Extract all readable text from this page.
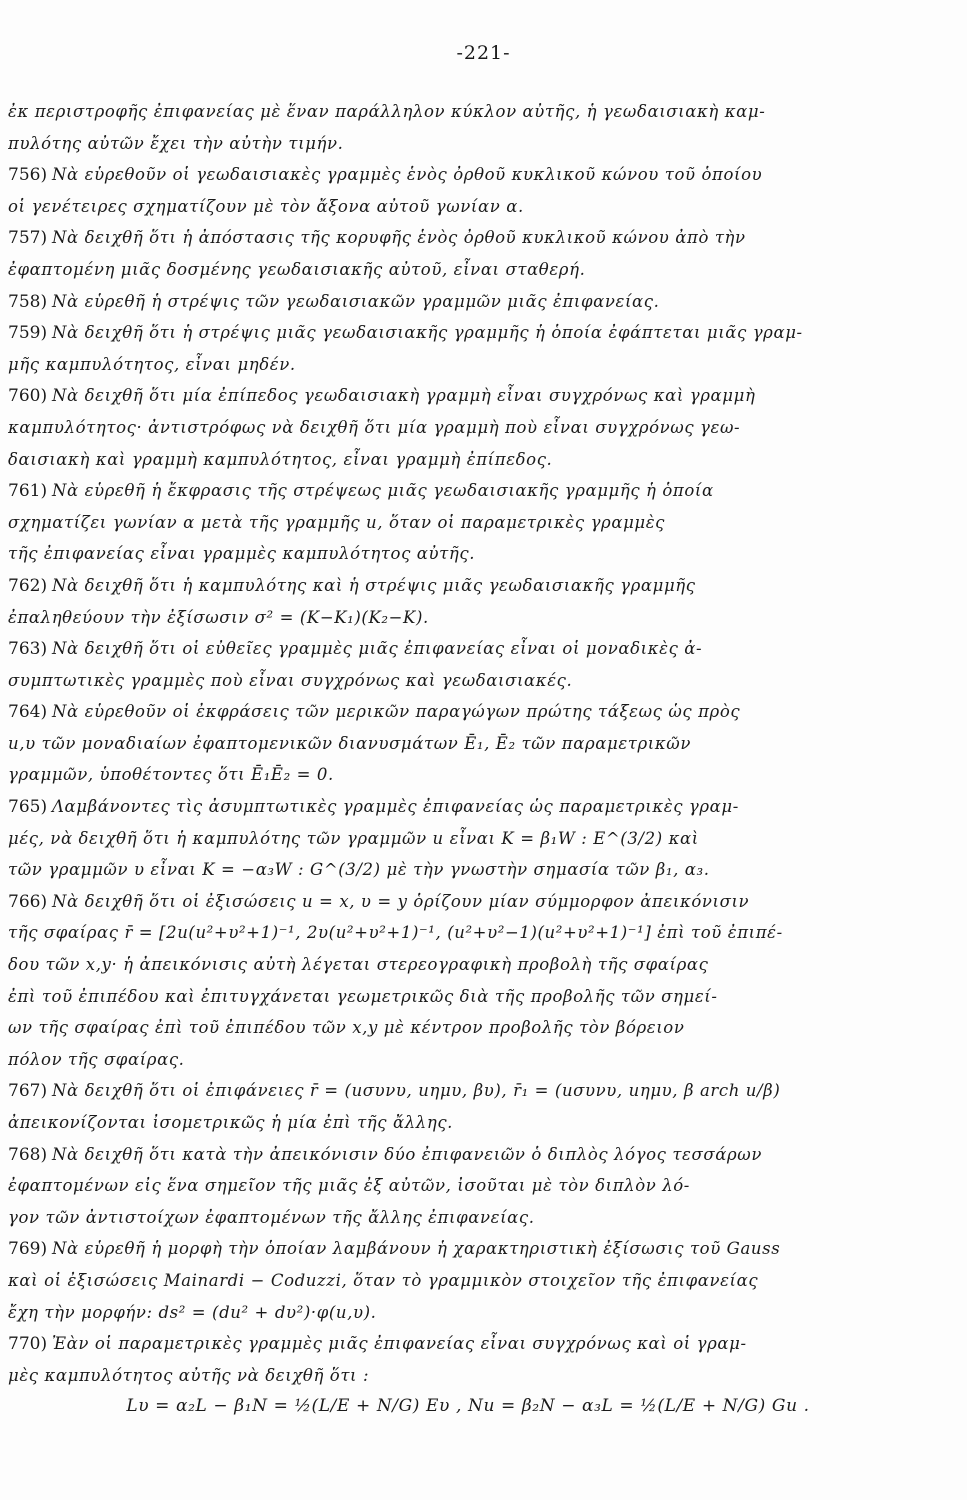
-221-
ἐκ περιστροφῆς ἐπιφανείας μὲ ἕναν παράλληλον κύκλον αὐτῆς, ἡ γεωδαισιακὴ καμ-
πυλότης αὐτῶν ἔχει τὴν αὐτὴν τιμήν.
756) Νὰ εὑρεθοῦν οἱ γεωδαισιακὲς γραμμὲς ἑνὸς ὀρθοῦ κυκλικοῦ κώνου τοῦ ὁποίου
οἱ γενέτειρες σχηματίζουν μὲ τὸν ἄξονα αὐτοῦ γωνίαν α.
757) Νὰ δειχθῆ ὅτι ἡ ἀπόστασις τῆς κορυφῆς ἑνὸς ὀρθοῦ κυκλικοῦ κώνου ἀπὸ τὴν
ἐφαπτομένη μιᾶς δοσμένης γεωδαισιακῆς αὐτοῦ, εἶναι σταθερή.
758) Νὰ εὑρεθῆ ἡ στρέψις τῶν γεωδαισιακῶν γραμμῶν μιᾶς ἐπιφανείας.
759) Νὰ δειχθῆ ὅτι ἡ στρέψις μιᾶς γεωδαισιακῆς γραμμῆς ἡ ὁποία ἐφάπτεται μιᾶς γραμ-
μῆς καμπυλότητος, εἶναι μηδέν.
760) Νὰ δειχθῆ ὅτι μία ἐπίπεδος γεωδαισιακὴ γραμμὴ εἶναι συγχρόνως καὶ γραμμὴ
καμπυλότητος· ἀντιστρόφως νὰ δειχθῆ ὅτι μία γραμμὴ ποὺ εἶναι συγχρόνως γεω-
δαισιακὴ καὶ γραμμὴ καμπυλότητος, εἶναι γραμμὴ ἐπίπεδος.
761) Νὰ εὑρεθῆ ἡ ἔκφρασις τῆς στρέψεως μιᾶς γεωδαισιακῆς γραμμῆς ἡ ὁποία
σχηματίζει γωνίαν α μετὰ τῆς γραμμῆς u, ὅταν οἱ παραμετρικὲς γραμμὲς
τῆς ἐπιφανείας εἶναι γραμμὲς καμπυλότητος αὐτῆς.
762) Νὰ δειχθῆ ὅτι ἡ καμπυλότης καὶ ἡ στρέψις μιᾶς γεωδαισιακῆς γραμμῆς
ἐπαληθεύουν τὴν ἐξίσωσιν σ² = (K−K₁)(K₂−K).
763) Νὰ δειχθῆ ὅτι οἱ εὐθεῖες γραμμὲς μιᾶς ἐπιφανείας εἶναι οἱ μοναδικὲς ἀ-
συμπτωτικὲς γραμμὲς ποὺ εἶναι συγχρόνως καὶ γεωδαισιακές.
764) Νὰ εὑρεθοῦν οἱ ἐκφράσεις τῶν μερικῶν παραγώγων πρώτης τάξεως ὡς πρὸς
u,υ τῶν μοναδιαίων ἐφαπτομενικῶν διανυσμάτων Ē₁, Ē₂ τῶν παραμετρικῶν
γραμμῶν, ὑποθέτοντες ὅτι Ē₁Ē₂ = 0.
765) Λαμβάνοντες τὶς ἀσυμπτωτικὲς γραμμὲς ἐπιφανείας ὡς παραμετρικὲς γραμ-
μές, νὰ δειχθῆ ὅτι ἡ καμπυλότης τῶν γραμμῶν u εἶναι K = β₁W : E^(3/2) καὶ
τῶν γραμμῶν υ εἶναι K = −α₃W : G^(3/2) μὲ τὴν γνωστὴν σημασία τῶν β₁, α₃.
766) Νὰ δειχθῆ ὅτι οἱ ἐξισώσεις u = x, υ = y ὁρίζουν μίαν σύμμορφον ἀπεικόνισιν
τῆς σφαίρας r̄ = [2u(u²+υ²+1)⁻¹, 2υ(u²+υ²+1)⁻¹, (u²+υ²−1)(u²+υ²+1)⁻¹] ἐπὶ τοῦ ἐπιπέ-
δου τῶν x,y· ἡ ἀπεικόνισις αὐτὴ λέγεται στερεογραφικὴ προβολὴ τῆς σφαίρας
ἐπὶ τοῦ ἐπιπέδου καὶ ἐπιτυγχάνεται γεωμετρικῶς διὰ τῆς προβολῆς τῶν σημεί-
ων τῆς σφαίρας ἐπὶ τοῦ ἐπιπέδου τῶν x,y μὲ κέντρον προβολῆς τὸν βόρειον
πόλον τῆς σφαίρας.
767) Νὰ δειχθῆ ὅτι οἱ ἐπιφάνειες r̄ = (uσυνυ, uημυ, βυ), r̄₁ = (uσυνυ, uημυ, β arch u/β)
ἀπεικονίζονται ἰσομετρικῶς ἡ μία ἐπὶ τῆς ἄλλης.
768) Νὰ δειχθῆ ὅτι κατὰ τὴν ἀπεικόνισιν δύο ἐπιφανειῶν ὁ διπλὸς λόγος τεσσάρων
ἐφαπτομένων εἰς ἕνα σημεῖον τῆς μιᾶς ἐξ αὐτῶν, ἰσοῦται μὲ τὸν διπλὸν λό-
γον τῶν ἀντιστοίχων ἐφαπτομένων τῆς ἄλλης ἐπιφανείας.
769) Νὰ εὑρεθῆ ἡ μορφὴ τὴν ὁποίαν λαμβάνουν ἡ χαρακτηριστικὴ ἐξίσωσις τοῦ Gauss
καὶ οἱ ἐξισώσεις Mainardi − Coduzzi, ὅταν τὸ γραμμικὸν στοιχεῖον τῆς ἐπιφανείας
ἔχη τὴν μορφήν: ds² = (du² + dυ²)·φ(u,υ).
770) Ἐὰν οἱ παραμετρικὲς γραμμὲς μιᾶς ἐπιφανείας εἶναι συγχρόνως καὶ οἱ γραμ-
μὲς καμπυλότητος αὐτῆς νὰ δειχθῆ ὅτι :
Lυ = α₂L − β₁N = ½(L/E + N/G) Eυ , Nu = β₂N − α₃L = ½(L/E + N/G) Gu .
